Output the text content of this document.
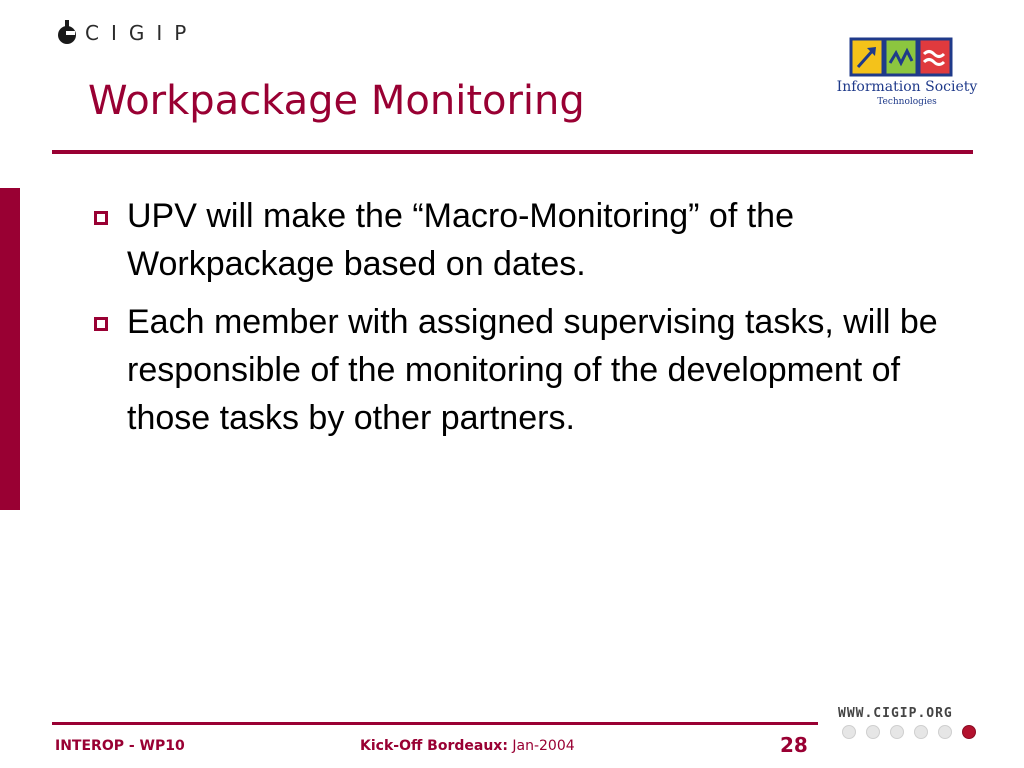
CIGIP
Workpackage Monitoring	Information Society
Technologies
UPV will make the “Macro-Monitoring” of the Workpackage based on dates.
Each member with assigned supervising tasks, will be responsible of the monitoring of the development of those tasks by other partners.
WWW.CIGIP.ORG
INTEROP - WP10	Kick-Off Bordeaux: Jan-2004	28
